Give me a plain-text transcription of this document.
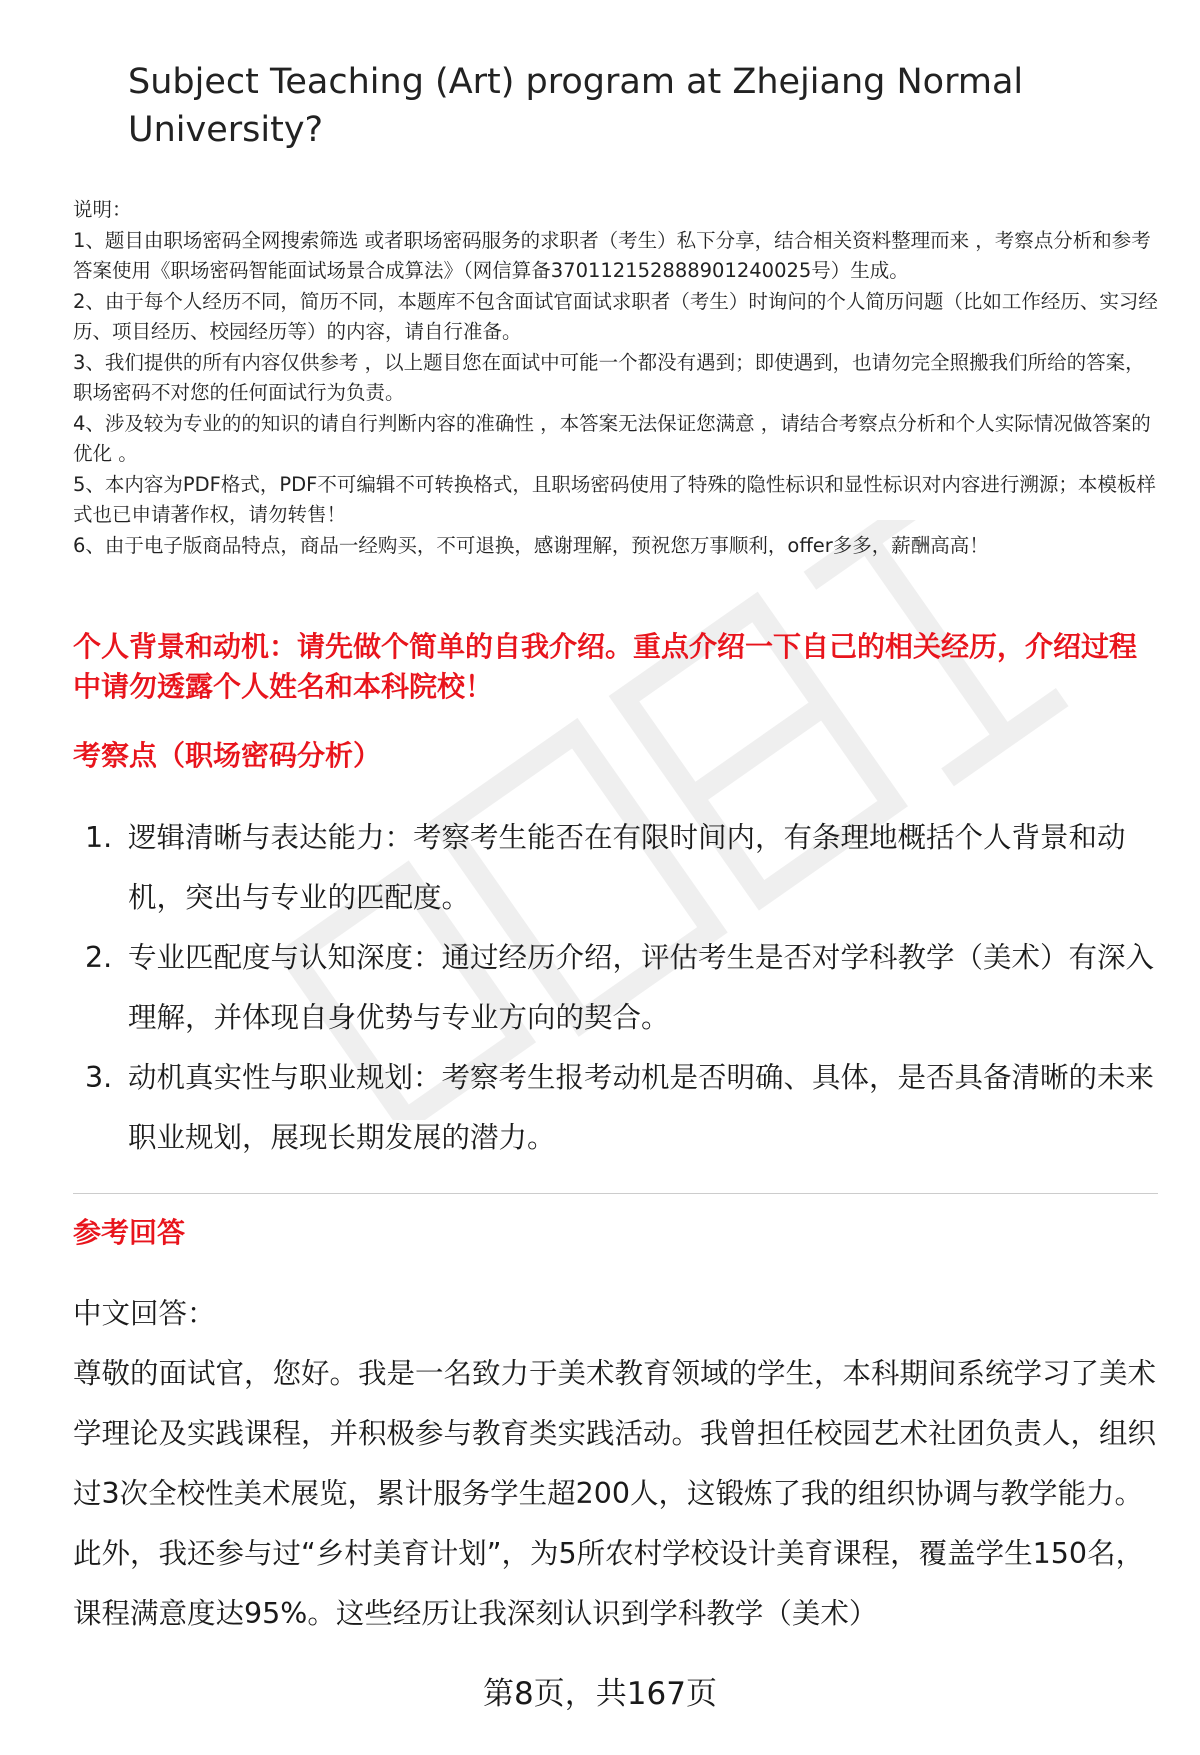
Subject Teaching (Art) program at Zhejiang Normal University?
说明：
1、题目由职场密码全网搜索筛选 或者职场密码服务的求职者（考生）私下分享，结合相关资料整理而来 ，考察点分析和参考答案使用《职场密码智能面试场景合成算法》（网信算备370112152888901240025号）生成。
2、由于每个人经历不同，简历不同，本题库不包含面试官面试求职者（考生）时询问的个人简历问题（比如工作经历、实习经历、项目经历、校园经历等）的内容，请自行准备。
3、我们提供的所有内容仅供参考 ，以上题目您在面试中可能一个都没有遇到；即使遇到，也请勿完全照搬我们所给的答案，职场密码不对您的任何面试行为负责。
4、涉及较为专业的的知识的请自行判断内容的准确性 ，本答案无法保证您满意 ，请结合考察点分析和个人实际情况做答案的优化 。
5、本内容为PDF格式，PDF不可编辑不可转换格式，且职场密码使用了特殊的隐性标识和显性标识对内容进行溯源；本模板样式也已申请著作权，请勿转售！
6、由于电子版商品特点，商品一经购买，不可退换，感谢理解，预祝您万事顺利，offer多多，薪酬高高！
个人背景和动机：请先做个简单的自我介绍。重点介绍一下自己的相关经历，介绍过程中请勿透露个人姓名和本科院校！
考察点（职场密码分析）
1. 逻辑清晰与表达能力：考察考生能否在有限时间内，有条理地概括个人背景和动机，突出与专业的匹配度。
2. 专业匹配度与认知深度：通过经历介绍，评估考生是否对学科教学（美术）有深入理解，并体现自身优势与专业方向的契合。
3. 动机真实性与职业规划：考察考生报考动机是否明确、具体，是否具备清晰的未来职业规划，展现长期发展的潜力。
参考回答
中文回答：
尊敬的面试官，您好。我是一名致力于美术教育领域的学生，本科期间系统学习了美术学理论及实践课程，并积极参与教育类实践活动。我曾担任校园艺术社团负责人，组织过3次全校性美术展览，累计服务学生超200人，这锻炼了我的组织协调与教学能力。此外，我还参与过“乡村美育计划”，为5所农村学校设计美育课程，覆盖学生150名，课程满意度达95%。这些经历让我深刻认识到学科教学（美术）
第8页，共167页
